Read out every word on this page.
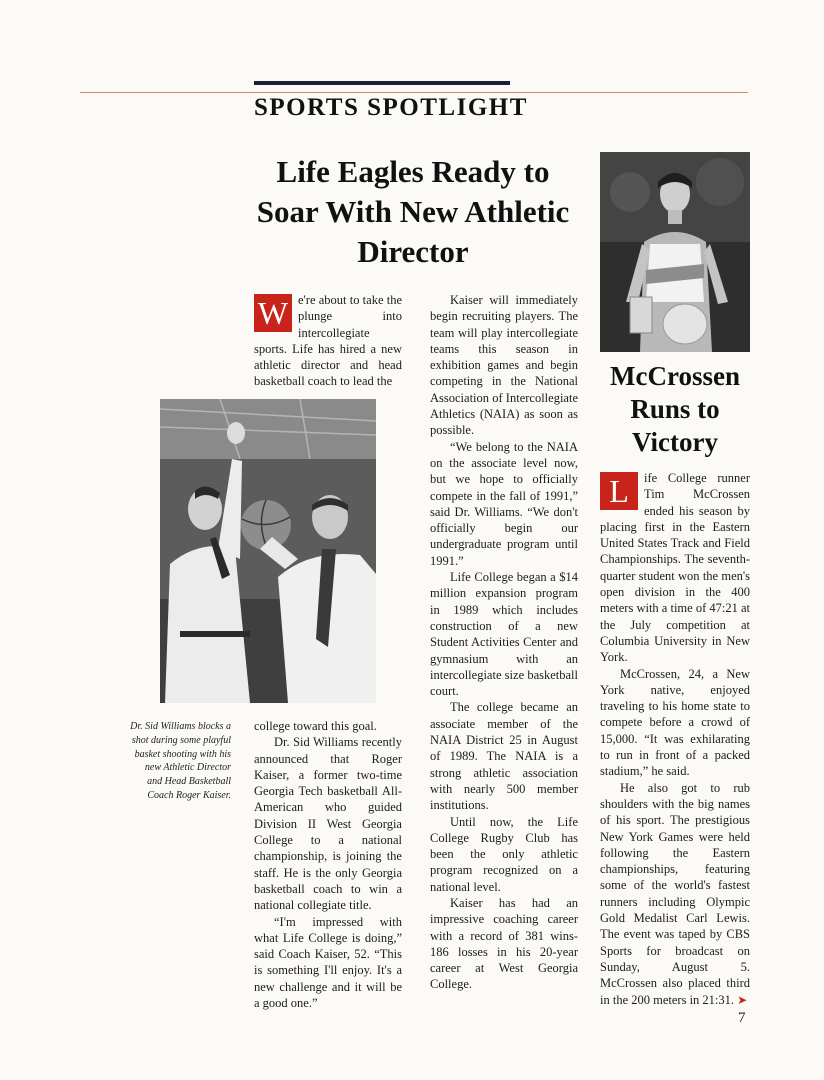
SPORTS SPOTLIGHT
Life Eagles Ready to Soar With New Athletic Director

W e're about to take the plunge into intercollegiate sports. Life has hired a new athletic director and head basketball coach to lead the

Dr. Sid Williams blocks a shot during some playful basket shooting with his new Athletic Director and Head Basketball Coach Roger Kaiser.

college toward this goal.

Dr. Sid Williams recently announced that Roger Kaiser, a former two-time Georgia Tech basketball All-American who guided Division II West Georgia College to a national championship, is joining the staff. He is the only Georgia basketball coach to win a national collegiate title.

“I'm impressed with what Life College is doing,” said Coach Kaiser, 52. “This is something I'll enjoy. It's a new challenge and it will be a good one.”

Kaiser will immediately begin recruiting players. The team will play intercollegiate teams this season in exhibition games and begin competing in the National Association of Intercollegiate Athletics (NAIA) as soon as possible.

“We belong to the NAIA on the associate level now, but we hope to officially compete in the fall of 1991,” said Dr. Williams. “We don't officially begin our undergraduate program until 1991.”

Life College began a $14 million expansion program in 1989 which includes construction of a new Student Activities Center and gymnasium with an intercollegiate size basketball court.

The college became an associate member of the NAIA District 25 in August of 1989. The NAIA is a strong athletic association with nearly 500 member institutions.

Until now, the Life College Rugby Club has been the only athletic program recognized on a national level.

Kaiser has had an impressive coaching career with a record of 381 wins-186 losses in his 20-year career at West Georgia College.

McCrossen Runs to Victory

L	ife College runner Tim McCrossen ended his season by placing first in the Eastern United States Track and Field Championships. The seventh-quarter student won the men's open division in the 400 meters with a time of 47:21 at the July competition at Columbia University in New York.

McCrossen, 24, a New York native, enjoyed traveling to his home state to compete before a crowd of 15,000. “It was exhilarating to run in front of a packed stadium,” he said.

He also got to rub shoulders with the big names of his sport. The prestigious New York Games were held following the Eastern championships, featuring some of the world's fastest runners including Olympic Gold Medalist Carl Lewis. The event was taped by CBS Sports for broadcast on Sunday, August 5. McCrossen also placed third in the 200 meters in 21:31. ➤

7
